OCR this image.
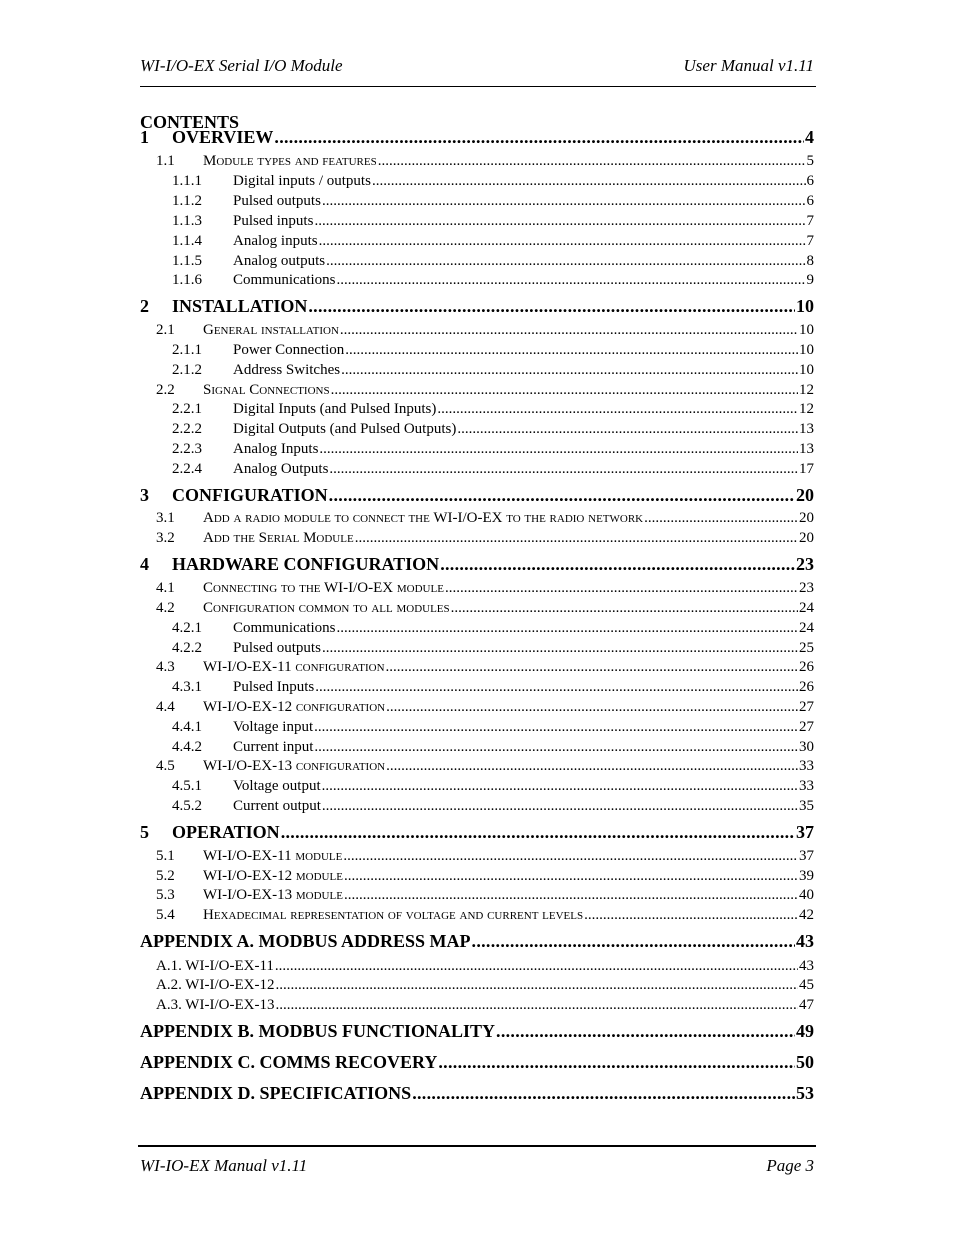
WI-I/O-EX Serial I/O Module	User Manual v1.11
CONTENTS
1	OVERVIEW .....	4
1.1	Module types and features .....	5
1.1.1	Digital inputs / outputs .....	6
1.1.2	Pulsed outputs .....	6
1.1.3	Pulsed inputs .....	7
1.1.4	Analog inputs .....	7
1.1.5	Analog outputs .....	8
1.1.6	Communications .....	9
2	INSTALLATION .....	10
2.1	General installation .....	10
2.1.1	Power Connection .....	10
2.1.2	Address Switches .....	10
2.2	Signal Connections .....	12
2.2.1	Digital Inputs (and Pulsed Inputs) .....	12
2.2.2	Digital Outputs (and Pulsed Outputs) .....	13
2.2.3	Analog Inputs .....	13
2.2.4	Analog Outputs .....	17
3	CONFIGURATION .....	20
3.1	Add a radio module to connect the WI-I/O-EX to the radio network .....	20
3.2	Add the Serial Module .....	20
4	HARDWARE CONFIGURATION .....	23
4.1	Connecting to the WI-I/O-EX module .....	23
4.2	Configuration common to all modules .....	24
4.2.1	Communications .....	24
4.2.2	Pulsed outputs .....	25
4.3	WI-I/O-EX-11 configuration .....	26
4.3.1	Pulsed Inputs .....	26
4.4	WI-I/O-EX-12 configuration .....	27
4.4.1	Voltage input .....	27
4.4.2	Current input .....	30
4.5	WI-I/O-EX-13 configuration .....	33
4.5.1	Voltage output .....	33
4.5.2	Current output .....	35
5	OPERATION .....	37
5.1	WI-I/O-EX-11 module .....	37
5.2	WI-I/O-EX-12 module .....	39
5.3	WI-I/O-EX-13 module .....	40
5.4	Hexadecimal representation of voltage and current levels .....	42
APPENDIX A. MODBUS ADDRESS MAP .....	43
A.1. WI-I/O-EX-11 .....	43
A.2. WI-I/O-EX-12 .....	45
A.3. WI-I/O-EX-13 .....	47
APPENDIX B. MODBUS FUNCTIONALITY .....	49
APPENDIX C. COMMS RECOVERY .....	50
APPENDIX D. SPECIFICATIONS .....	53
WI-IO-EX Manual v1.11	Page 3
